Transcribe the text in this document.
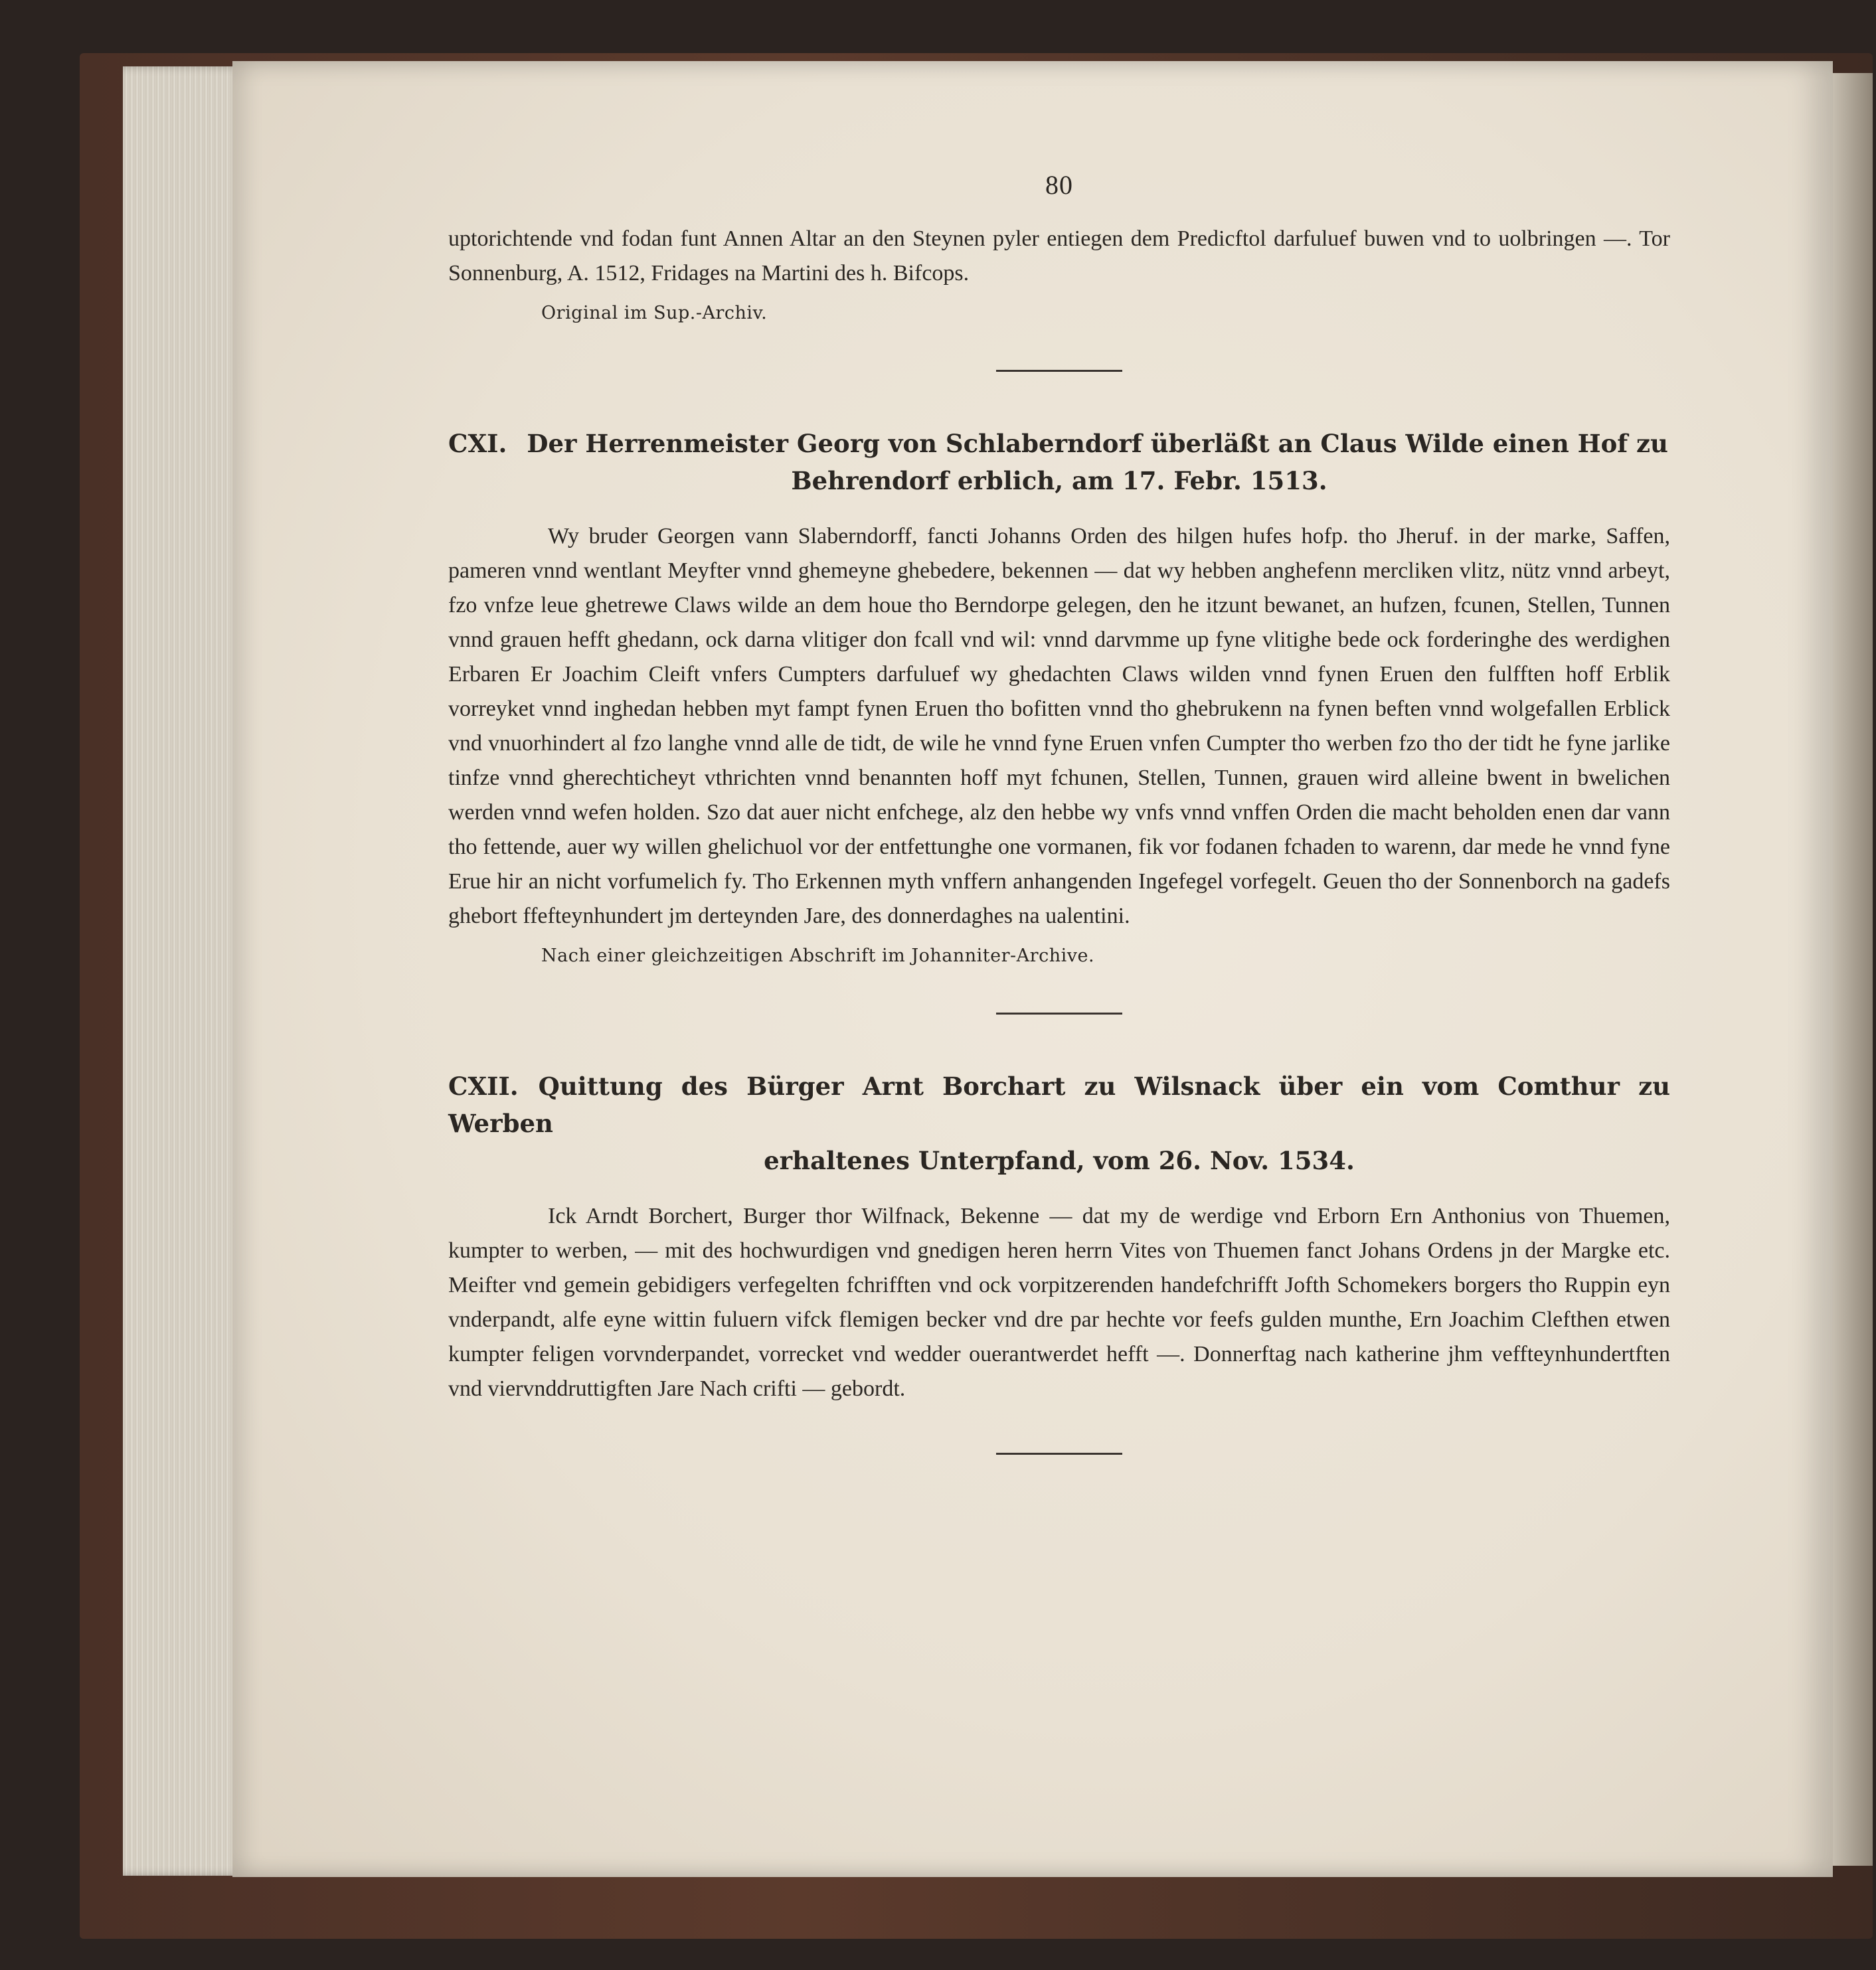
80

uptorichtende vnd fodan funt Annen Altar an den Steynen pyler entiegen dem Predicftol darfuluef buwen vnd to uolbringen —. Tor Sonnenburg, A. 1512, Fridages na Martini des h. Bifcops.

Original im Sup.-Archiv.

CXI. Der Herrenmeister Georg von Schlaberndorf überläßt an Claus Wilde einen Hof zu
Behrendorf erblich, am 17. Febr. 1513.

Wy bruder Georgen vann Slaberndorff, fancti Johanns Orden des hilgen hufes hofp. tho Jheruf. in der marke, Saffen, pameren vnnd wentlant Meyfter vnnd ghemeyne ghebedere, bekennen — dat wy hebben anghefenn mercliken vlitz, nütz vnnd arbeyt, fzo vnfze leue ghetrewe Claws wilde an dem houe tho Berndorpe gelegen, den he itzunt bewanet, an hufzen, fcunen, Stellen, Tunnen vnnd grauen hefft ghedann, ock darna vlitiger don fcall vnd wil: vnnd darvmme up fyne vlitighe bede ock forderinghe des werdighen Erbaren Er Joachim Cleift vnfers Cumpters darfuluef wy ghedachten Claws wilden vnnd fynen Eruen den fulfften hoff Erblik vorreyket vnnd inghedan hebben myt fampt fynen Eruen tho bofitten vnnd tho ghebrukenn na fynen beften vnnd wolgefallen Erblick vnd vnuorhindert al fzo langhe vnnd alle de tidt, de wile he vnnd fyne Eruen vnfen Cumpter tho werben fzo tho der tidt he fyne jarlike tinfze vnnd gherechticheyt vthrichten vnnd benannten hoff myt fchunen, Stellen, Tunnen, grauen wird alleine bwent in bwelichen werden vnnd wefen holden. Szo dat auer nicht enfchege, alz den hebbe wy vnfs vnnd vnffen Orden die macht beholden enen dar vann tho fettende, auer wy willen ghelichuol vor der entfettunghe one vormanen, fik vor fodanen fchaden to warenn, dar mede he vnnd fyne Erue hir an nicht vorfumelich fy. Tho Erkennen myth vnffern anhangenden Ingefegel vorfegelt. Geuen tho der Sonnenborch na gadefs ghebort ffefteynhundert jm derteynden Jare, des donnerdaghes na ualentini.

Nach einer gleichzeitigen Abschrift im Johanniter-Archive.

CXII. Quittung des Bürger Arnt Borchart zu Wilsnack über ein vom Comthur zu Werben
erhaltenes Unterpfand, vom 26. Nov. 1534.

Ick Arndt Borchert, Burger thor Wilfnack, Bekenne — dat my de werdige vnd Erborn Ern Anthonius von Thuemen, kumpter to werben, — mit des hochwurdigen vnd gnedigen heren herrn Vites von Thuemen fanct Johans Ordens jn der Margke etc. Meifter vnd gemein gebidigers verfegelten fchrifften vnd ock vorpitzerenden handefchrifft Jofth Schomekers borgers tho Ruppin eyn vnderpandt, alfe eyne wittin fuluern vifck flemigen becker vnd dre par hechte vor feefs gulden munthe, Ern Joachim Clefthen etwen kumpter feligen vorvnderpandet, vorrecket vnd wedder ouerantwerdet hefft —. Donnerftag nach katherine jhm veffteynhundertften vnd viervnddruttigften Jare Nach crifti — gebordt.
